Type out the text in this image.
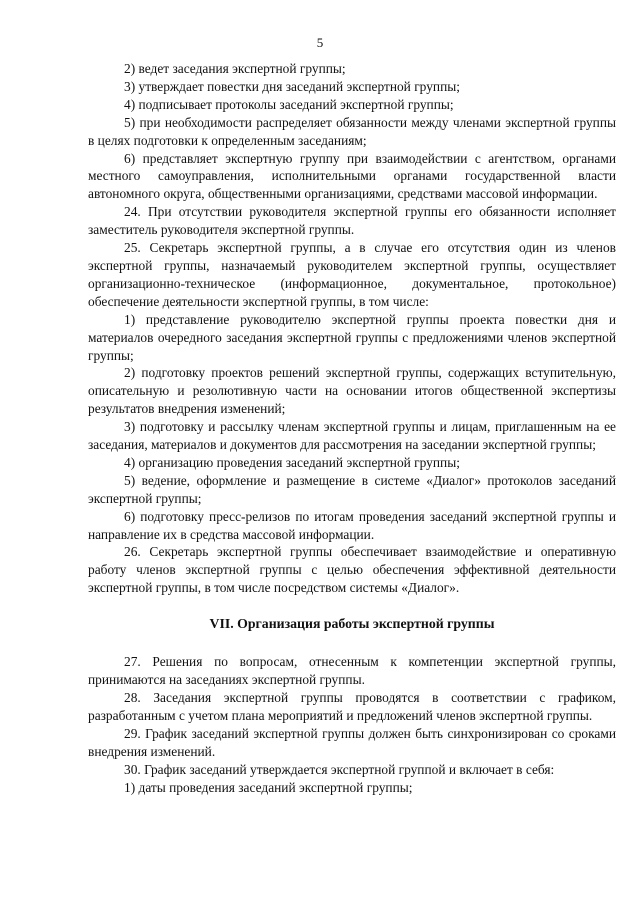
5

2) ведет заседания экспертной группы;

3) утверждает повестки дня заседаний экспертной группы;

4) подписывает протоколы заседаний экспертной группы;

5) при необходимости распределяет обязанности между членами экспертной группы в целях подготовки к определенным заседаниям;

6) представляет экспертную группу при взаимодействии с агентством, органами местного самоуправления, исполнительными органами государственной власти автономного округа, общественными организациями, средствами массовой информации.

24. При отсутствии руководителя экспертной группы его обязанности исполняет заместитель руководителя экспертной группы.

25. Секретарь экспертной группы, а в случае его отсутствия один из членов экспертной группы, назначаемый руководителем экспертной группы, осуществляет организационно-техническое (информационное, документальное, протокольное) обеспечение деятельности экспертной группы, в том числе:

1) представление руководителю экспертной группы проекта повестки дня и материалов очередного заседания экспертной группы с предложениями членов экспертной группы;

2) подготовку проектов решений экспертной группы, содержащих вступительную, описательную и резолютивную части на основании итогов общественной экспертизы результатов внедрения изменений;

3) подготовку и рассылку членам экспертной группы и лицам, приглашенным на ее заседания, материалов и документов для рассмотрения на заседании экспертной группы;

4) организацию проведения заседаний экспертной группы;

5) ведение, оформление и размещение в системе «Диалог» протоколов заседаний экспертной группы;

6) подготовку пресс-релизов по итогам проведения заседаний экспертной группы и направление их в средства массовой информации.

26. Секретарь экспертной группы обеспечивает взаимодействие и оперативную работу членов экспертной группы с целью обеспечения эффективной деятельности экспертной группы, в том числе посредством системы «Диалог».

VII. Организация работы экспертной группы

27. Решения по вопросам, отнесенным к компетенции экспертной группы, принимаются на заседаниях экспертной группы.

28. Заседания экспертной группы проводятся в соответствии с графиком, разработанным с учетом плана мероприятий и предложений членов экспертной группы.

29. График заседаний экспертной группы должен быть синхронизирован со сроками внедрения изменений.

30. График заседаний утверждается экспертной группой и включает в себя:

1) даты проведения заседаний экспертной группы;
